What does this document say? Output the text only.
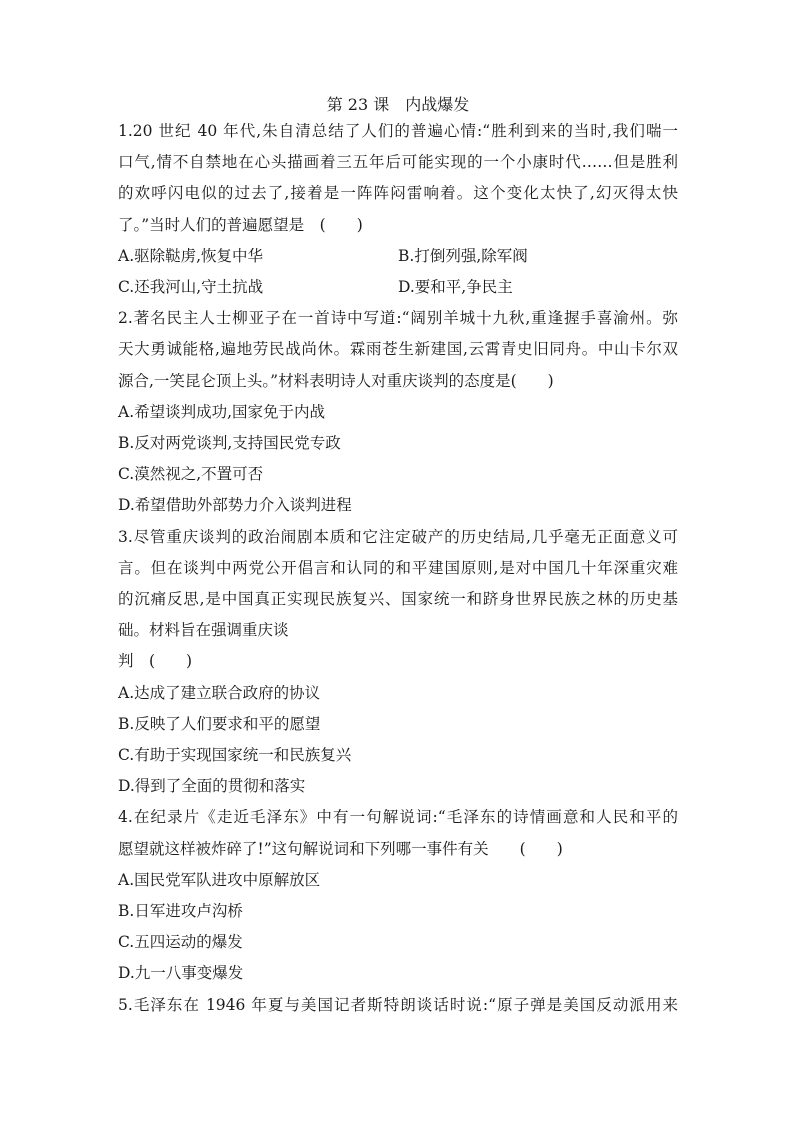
第 23 课　内战爆发
1.20 世纪 40 年代,朱自清总结了人们的普遍心情:“胜利到来的当时,我们喘一
口气,情不自禁地在心头描画着三五年后可能实现的一个小康时代……但是胜利
的欢呼闪电似的过去了,接着是一阵阵闷雷响着。这个变化太快了,幻灭得太快
了。”当时人们的普遍愿望是　(　　)
A.驱除鞑虏,恢复中华	B.打倒列强,除军阀
C.还我河山,守土抗战	D.要和平,争民主
2.著名民主人士柳亚子在一首诗中写道:“阔别羊城十九秋,重逢握手喜渝州。弥
天大勇诚能格,遍地劳民战尚休。霖雨苍生新建国,云霄青史旧同舟。中山卡尔双
源合,一笑昆仑顶上头。”材料表明诗人对重庆谈判的态度是(　　)
A.希望谈判成功,国家免于内战
B.反对两党谈判,支持国民党专政
C.漠然视之,不置可否
D.希望借助外部势力介入谈判进程
3.尽管重庆谈判的政治闹剧本质和它注定破产的历史结局,几乎毫无正面意义可
言。但在谈判中两党公开倡言和认同的和平建国原则,是对中国几十年深重灾难
的沉痛反思,是中国真正实现民族复兴、国家统一和跻身世界民族之林的历史基
础。材料旨在强调重庆谈
判　(　　)
A.达成了建立联合政府的协议
B.反映了人们要求和平的愿望
C.有助于实现国家统一和民族复兴
D.得到了全面的贯彻和落实
4.在纪录片《走近毛泽东》中有一句解说词:“毛泽东的诗情画意和人民和平的
愿望就这样被炸碎了!”这句解说词和下列哪一事件有关　　(　　)
A.国民党军队进攻中原解放区
B.日军进攻卢沟桥
C.五四运动的爆发
D.九一八事变爆发
5.毛泽东在 1946 年夏与美国记者斯特朗谈话时说:“原子弹是美国反动派用来
